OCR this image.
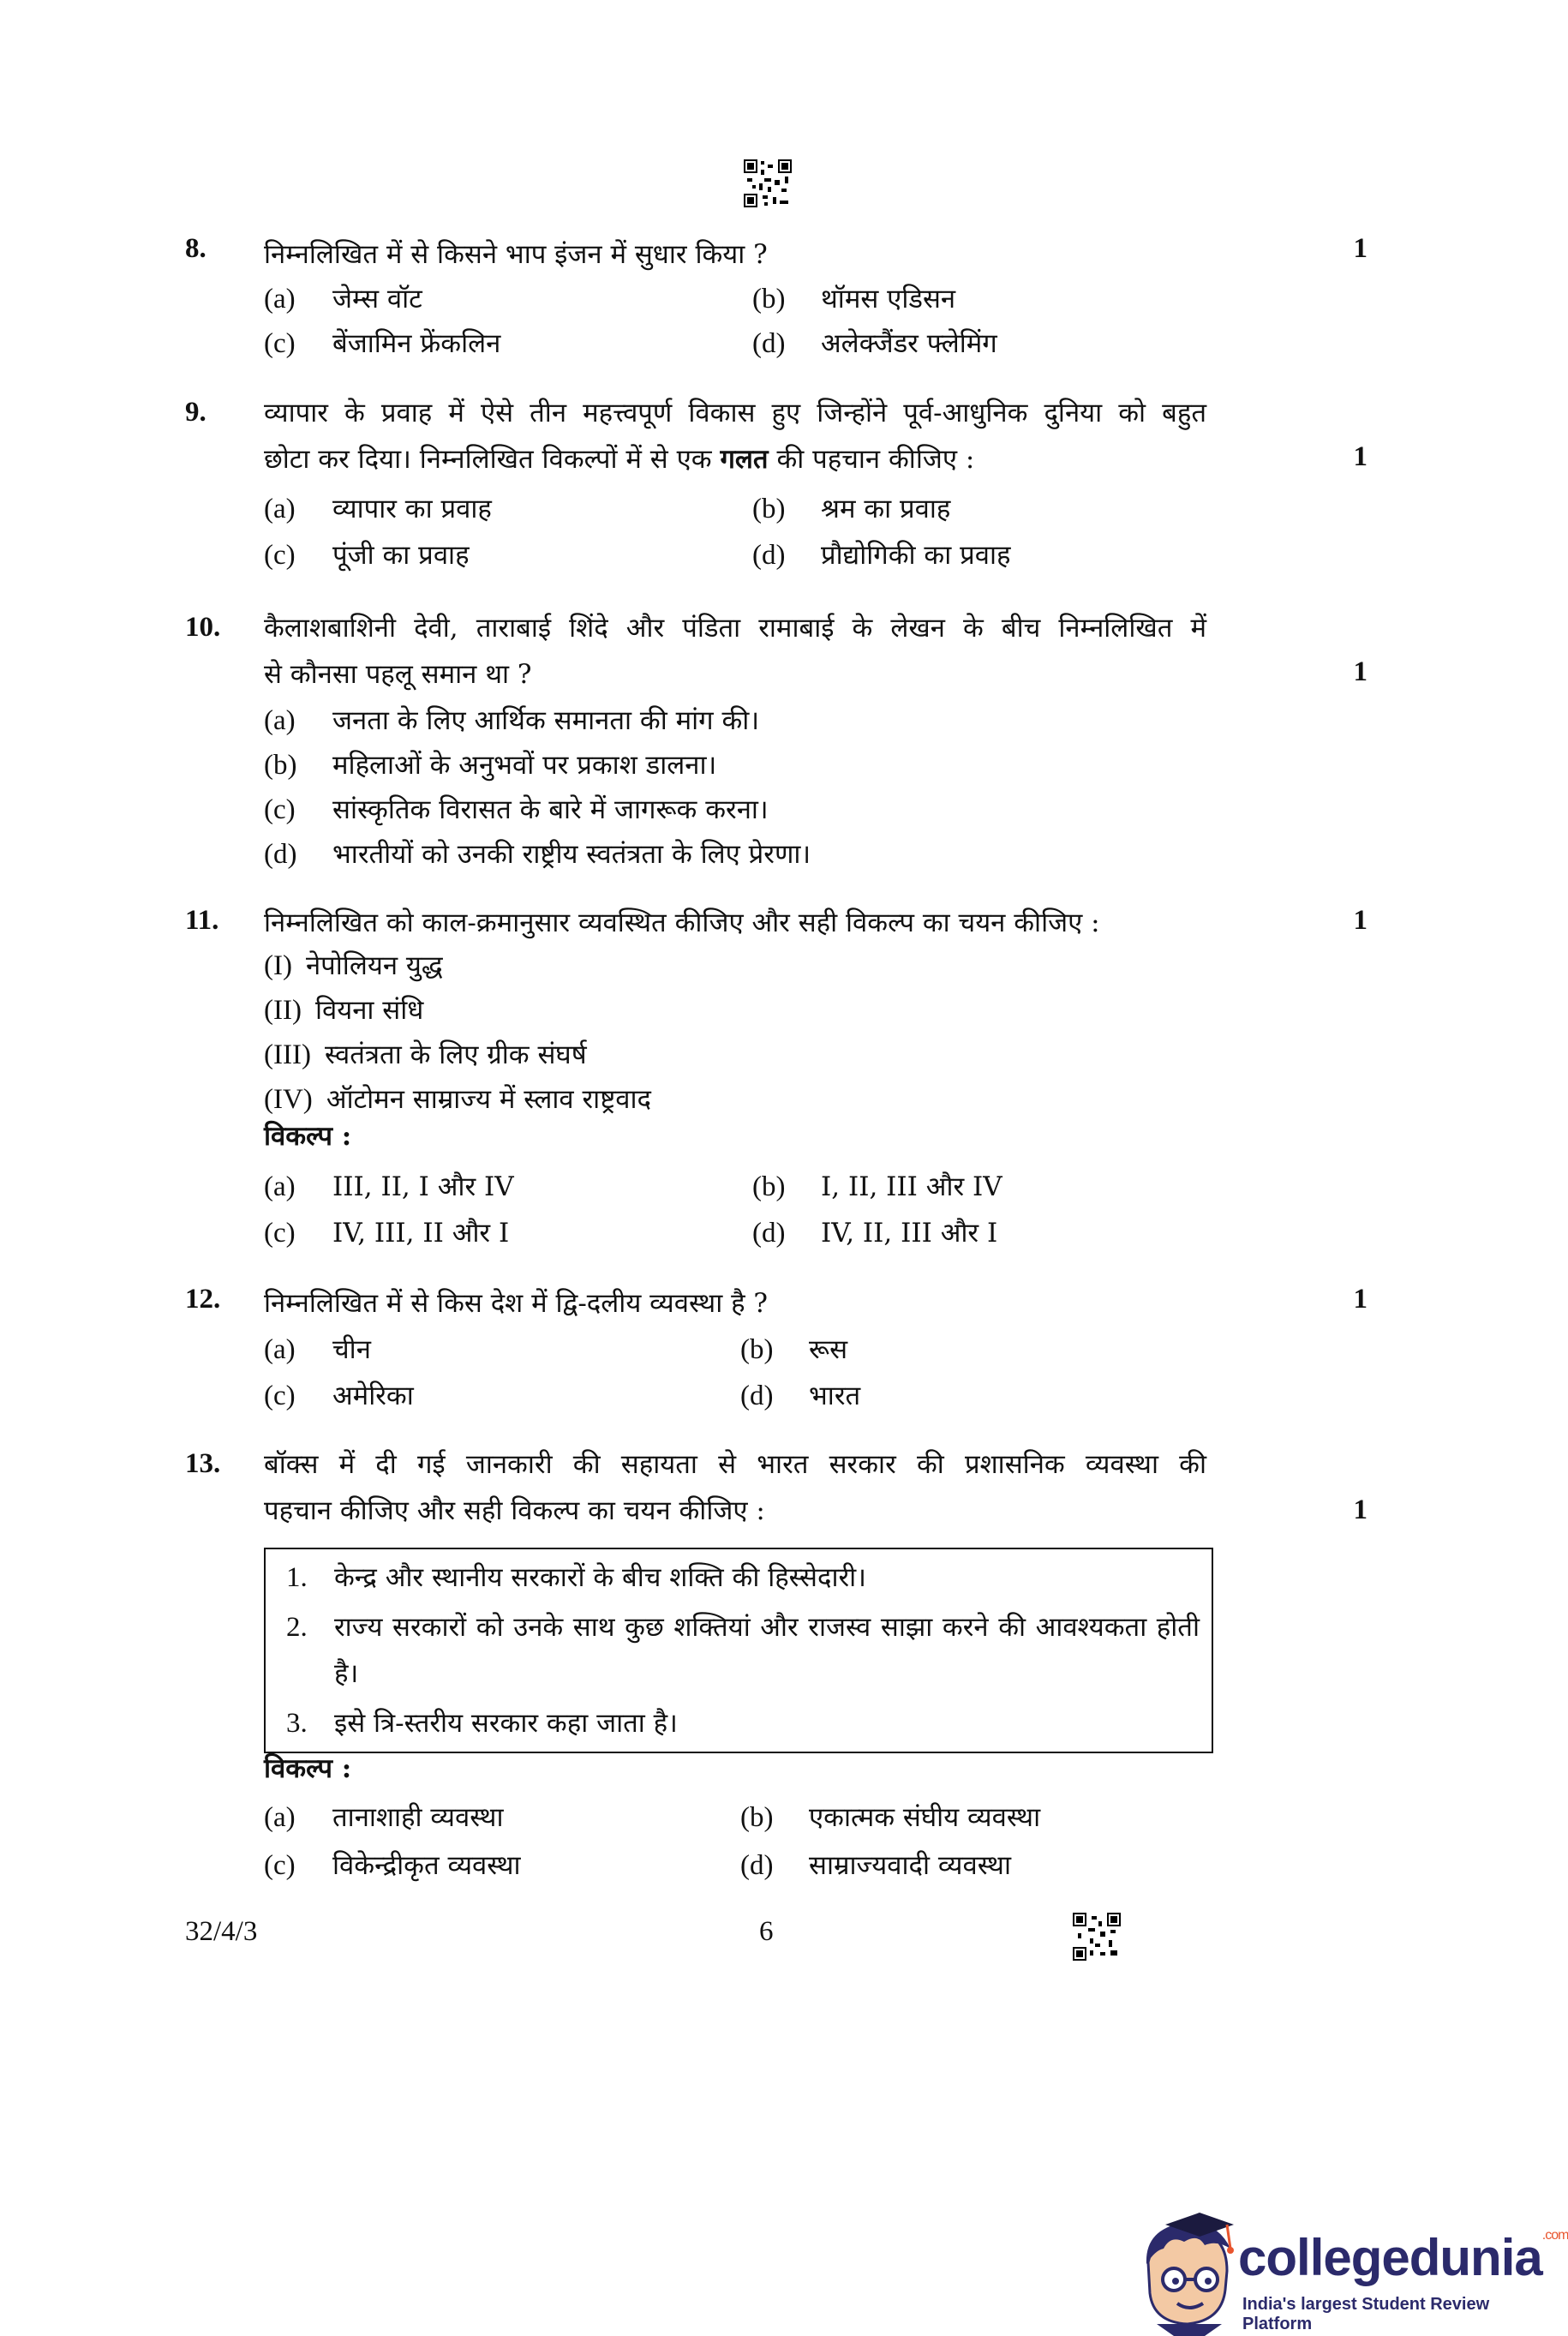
8. निम्नलिखित में से किसने भाप इंजन में सुधार किया ?	1
(a) जेम्स वॉट	(b) थॉमस एडिसन
(c) बेंजामिन फ्रेंकलिन	(d) अलेक्जैंडर फ्लेमिंग
9. व्यापार के प्रवाह में ऐसे तीन महत्त्वपूर्ण विकास हुए जिन्होंने पूर्व-आधुनिक दुनिया को बहुत
छोटा कर दिया। निम्नलिखित विकल्पों में से एक गलत की पहचान कीजिए :	1
(a) व्यापार का प्रवाह	(b) श्रम का प्रवाह
(c) पूंजी का प्रवाह	(d) प्रौद्योगिकी का प्रवाह
10. कैलाशबाशिनी देवी, ताराबाई शिंदे और पंडिता रामाबाई के लेखन के बीच निम्नलिखित में
से कौनसा पहलू समान था ?	1
(a) जनता के लिए आर्थिक समानता की मांग की।
(b) महिलाओं के अनुभवों पर प्रकाश डालना।
(c) सांस्कृतिक विरासत के बारे में जागरूक करना।
(d) भारतीयों को उनकी राष्ट्रीय स्वतंत्रता के लिए प्रेरणा।
11. निम्नलिखित को काल-क्रमानुसार व्यवस्थित कीजिए और सही विकल्प का चयन कीजिए :	1
(I) नेपोलियन युद्ध
(II) वियना संधि
(III) स्वतंत्रता के लिए ग्रीक संघर्ष
(IV) ऑटोमन साम्राज्य में स्लाव राष्ट्रवाद
विकल्प :
(a) III, II, I और IV	(b) I, II, III और IV
(c) IV, III, II और I	(d) IV, II, III और I
12. निम्नलिखित में से किस देश में द्वि-दलीय व्यवस्था है ?	1
(a) चीन	(b) रूस
(c) अमेरिका	(d) भारत
13. बॉक्स में दी गई जानकारी की सहायता से भारत सरकार की प्रशासनिक व्यवस्था की
पहचान कीजिए और सही विकल्प का चयन कीजिए :	1
1.	केन्द्र और स्थानीय सरकारों के बीच शक्ति की हिस्सेदारी।
2.	राज्य सरकारों को उनके साथ कुछ शक्तियां और राजस्व साझा करने की आवश्यकता होती है।
3.	इसे त्रि-स्तरीय सरकार कहा जाता है।
विकल्प :
(a) तानाशाही व्यवस्था	(b) एकात्मक संघीय व्यवस्था
(c) विकेन्द्रीकृत व्यवस्था	(d) साम्राज्यवादी व्यवस्था
32/4/3	6
collegedunia$^{.com}$
India's largest Student Review Platform
